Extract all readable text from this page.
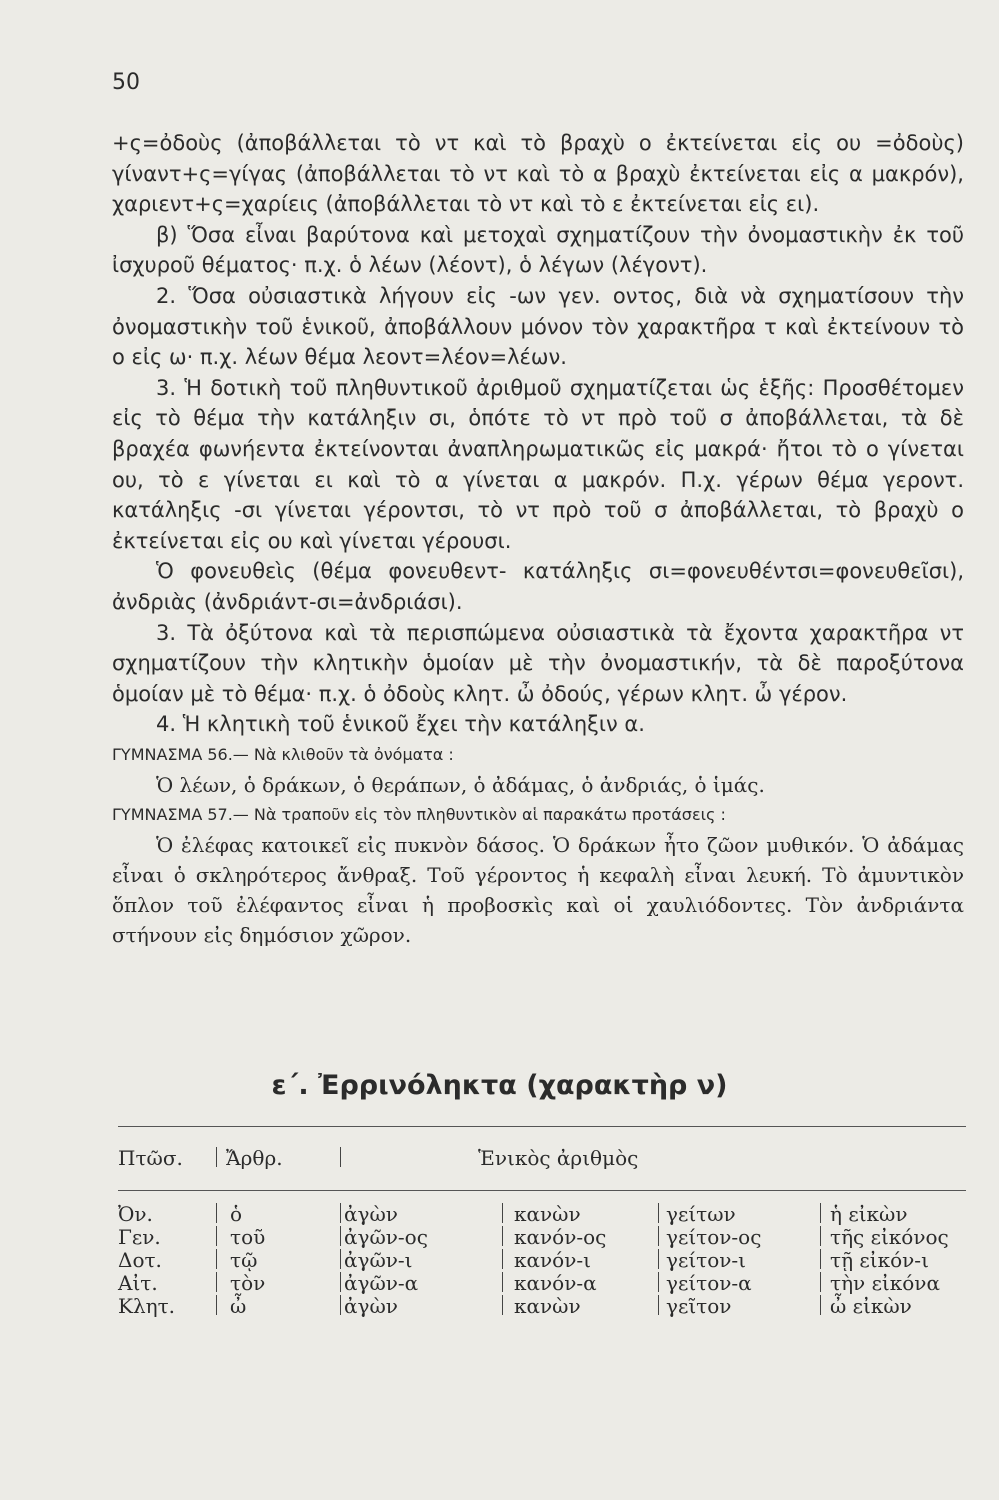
50

+ς=ὀδοὺς (ἀποβάλλεται τὸ ντ καὶ τὸ βραχὺ ο ἐκτείνεται εἰς ου =ὀδοὺς) γίναντ+ς=γίγας (ἀποβάλλεται τὸ ντ καὶ τὸ α βραχὺ ἐκτείνεται εἰς α μακρόν), χαριεντ+ς=χαρίεις (ἀποβάλλεται τὸ ντ καὶ τὸ ε ἐκτείνεται εἰς ει).

β) Ὅσα εἶναι βαρύτονα καὶ μετοχαὶ σχηματίζουν τὴν ὀνομαστικὴν ἐκ τοῦ ἰσχυροῦ θέματος· π.χ. ὁ λέων (λέοντ), ὁ λέγων (λέγοντ).

2. Ὅσα οὐσιαστικὰ λήγουν εἰς -ων γεν. οντος, διὰ νὰ σχηματίσουν τὴν ὀνομαστικὴν τοῦ ἑνικοῦ, ἀποβάλλουν μόνον τὸν χαρακτῆρα τ καὶ ἐκτείνουν τὸ ο εἰς ω· π.χ. λέων θέμα λεοντ=λέον=λέων.

3. Ἡ δοτικὴ τοῦ πληθυντικοῦ ἀριθμοῦ σχηματίζεται ὡς ἑξῆς: Προσθέτομεν εἰς τὸ θέμα τὴν κατάληξιν σι, ὁπότε τὸ ντ πρὸ τοῦ σ ἀποβάλλεται, τὰ δὲ βραχέα φωνήεντα ἐκτείνονται ἀναπληρωματικῶς εἰς μακρά· ἤτοι τὸ ο γίνεται ου, τὸ ε γίνεται ει καὶ τὸ α γίνεται α μακρόν. Π.χ. γέρων θέμα γεροντ. κατάληξις -σι γίνεται γέροντσι, τὸ ντ πρὸ τοῦ σ ἀποβάλλεται, τὸ βραχὺ ο ἐκτείνεται εἰς ου καὶ γίνεται γέρουσι.

Ὁ φονευθεὶς (θέμα φονευθεντ- κατάληξις σι=φονευθέντσι=φονευθεῖσι), ἀνδριὰς (ἀνδριάντ-σι=ἀνδριάσι).

3. Τὰ ὀξύτονα καὶ τὰ περισπώμενα οὐσιαστικὰ τὰ ἔχοντα χαρακτῆρα ντ σχηματίζουν τὴν κλητικὴν ὁμοίαν μὲ τὴν ὀνομαστικήν, τὰ δὲ παροξύτονα ὁμοίαν μὲ τὸ θέμα· π.χ. ὁ ὀδοὺς κλητ. ὦ ὀδούς, γέρων κλητ. ὦ γέρον.

4. Ἡ κλητικὴ τοῦ ἑνικοῦ ἔχει τὴν κατάληξιν α.

ΓΥΜΝΑΣΜΑ 56.— Νὰ κλιθοῦν τὰ ὀνόματα :

Ὁ λέων, ὁ δράκων, ὁ θεράπων, ὁ ἀδάμας, ὁ ἀνδριάς, ὁ ἱμάς.

ΓΥΜΝΑΣΜΑ 57.— Νὰ τραποῦν εἰς τὸν πληθυντικὸν αἱ παρακάτω προτάσεις :

Ὁ ἐλέφας κατοικεῖ εἰς πυκνὸν δάσος. Ὁ δράκων ἦτο ζῶον μυθικόν. Ὁ ἀδάμας εἶναι ὁ σκληρότερος ἄνθραξ. Τοῦ γέροντος ἡ κεφαλὴ εἶναι λευκή. Τὸ ἀμυντικὸν ὅπλον τοῦ ἐλέφαντος εἶναι ἡ προβοσκὶς καὶ οἱ χαυλιόδοντες. Τὸν ἀνδριάντα στήνουν εἰς δημόσιον χῶρον.

ε΄. Ἐρρινόληκτα (χαρακτὴρ ν)
Πτῶσ. Ἄρθρ.	Ἑνικὸς ἀριθμὸς
Ὀν.	ὁ	ἀγὼν	κανὼν	γείτων	ἡ εἰκὼν
Γεν.	τοῦ	ἀγῶν-ος	κανόν-ος	γείτον-ος	τῆς εἰκόνος
Δοτ.	τῷ	ἀγῶν-ι	κανόν-ι	γείτον-ι	τῇ εἰκόν-ι
Αἰτ.	τὸν	ἀγῶν-α	κανόν-α	γείτον-α	τὴν εἰκόνα
Κλητ.	ὦ	ἀγὼν	κανὼν	γεῖτον	ὦ εἰκὼν
